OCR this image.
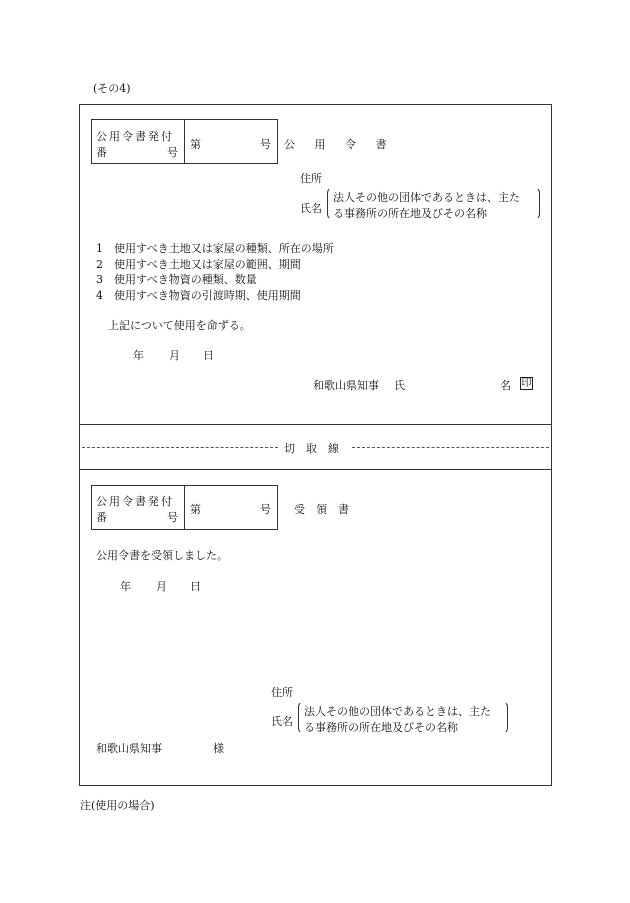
(その4)
公用令書発付
番	号
第	号 公 用 令 書
住所
氏名
法人その他の団体であるときは、主た
る事務所の所在地及びその名称
1　使用すべき土地又は家屋の種類、所在の場所
2　使用すべき土地又は家屋の範囲、期間
3　使用すべき物資の種類、数量
4　使用すべき物資の引渡時期、使用期間
上記について使用を命ずる。
年 月 日
和歌山県知事 氏	名 印
切　取　線
公用令書発付
番	号
第	号 受　領　書
公用令書を受領しました。
年 月 日
住所
氏名
法人その他の団体であるときは、主た
る事務所の所在地及びその名称
和歌山県知事	様
注(使用の場合)
